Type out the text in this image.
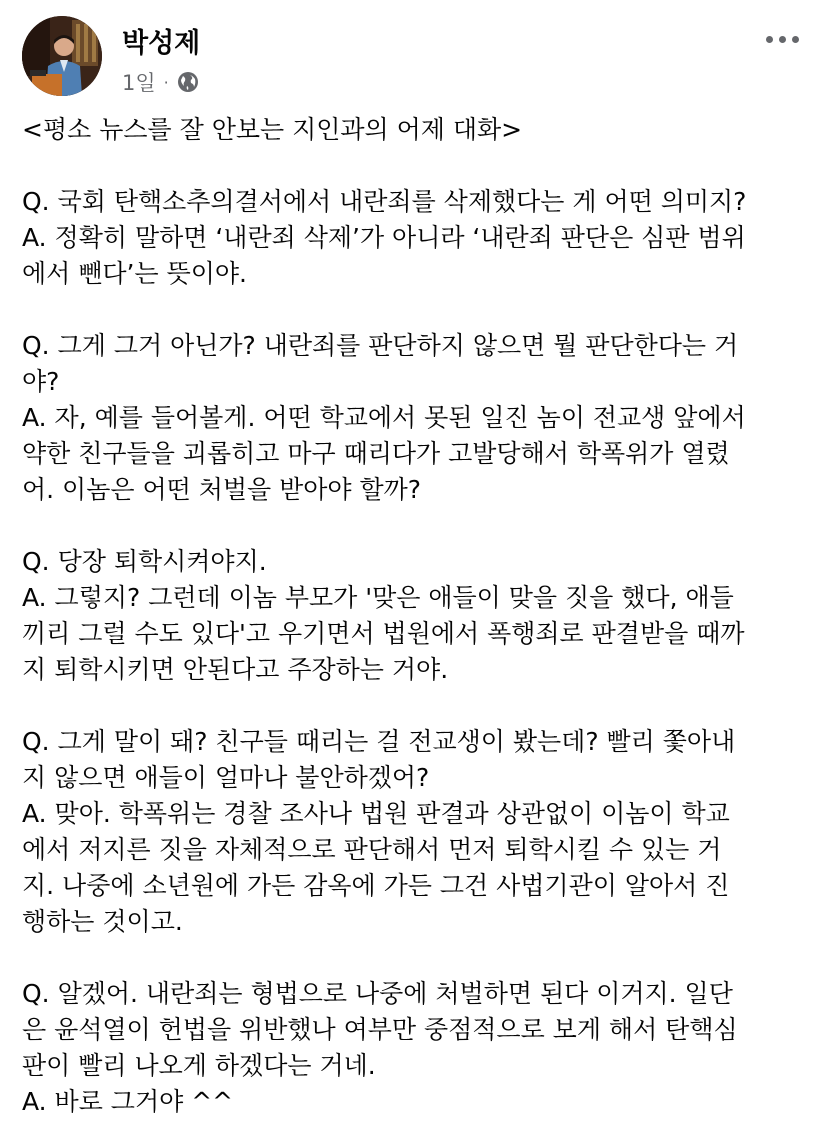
박성제
1일 ·
<평소 뉴스를 잘 안보는 지인과의 어제 대화>
Q. 국회 탄핵소추의결서에서 내란죄를 삭제했다는 게 어떤 의미지?
A. 정확히 말하면 ‘내란죄 삭제’가 아니라 ‘내란죄 판단은 심판 범위
에서 뺀다’는 뜻이야.
Q. 그게 그거 아닌가? 내란죄를 판단하지 않으면 뭘 판단한다는 거
야?
A. 자, 예를 들어볼게. 어떤 학교에서 못된 일진 놈이 전교생 앞에서
약한 친구들을 괴롭히고 마구 때리다가 고발당해서 학폭위가 열렸
어. 이놈은 어떤 처벌을 받아야 할까?
Q. 당장 퇴학시켜야지.
A. 그렇지? 그런데 이놈 부모가 '맞은 애들이 맞을 짓을 했다, 애들
끼리 그럴 수도 있다'고 우기면서 법원에서 폭행죄로 판결받을 때까
지 퇴학시키면 안된다고 주장하는 거야.
Q. 그게 말이 돼? 친구들 때리는 걸 전교생이 봤는데? 빨리 쫓아내
지 않으면 애들이 얼마나 불안하겠어?
A. 맞아. 학폭위는 경찰 조사나 법원 판결과 상관없이 이놈이 학교
에서 저지른 짓을 자체적으로 판단해서 먼저 퇴학시킬 수 있는 거
지. 나중에 소년원에 가든 감옥에 가든 그건 사법기관이 알아서 진
행하는 것이고.
Q. 알겠어. 내란죄는 형법으로 나중에 처벌하면 된다 이거지. 일단
은 윤석열이 헌법을 위반했나 여부만 중점적으로 보게 해서 탄핵심
판이 빨리 나오게 하겠다는 거네.
A. 바로 그거야 ^^
